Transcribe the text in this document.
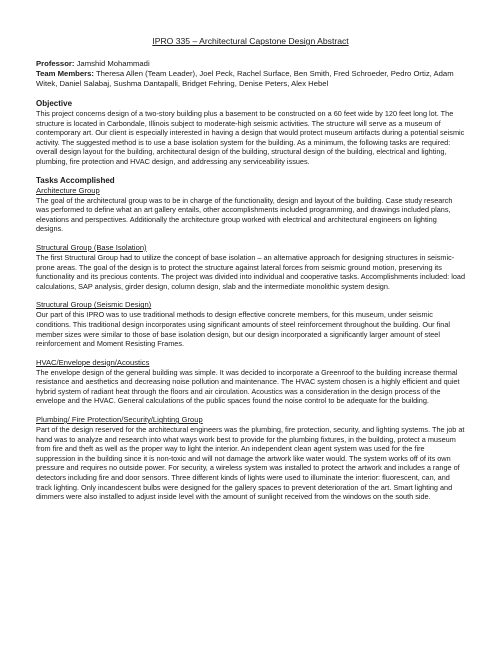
IPRO 335 – Architectural Capstone Design Abstract
Professor: Jamshid Mohammadi
Team Members: Theresa Allen (Team Leader), Joel Peck, Rachel Surface, Ben Smith, Fred Schroeder, Pedro Ortiz, Adam Witek, Daniel Salabaj, Sushma Dantapalli, Bridget Fehring, Denise Peters, Alex Hebel
Objective

This project concerns design of a two-story building plus a basement to be constructed on a 60 feet wide by 120 feet long lot. The structure is located in Carbondale, Illinois subject to moderate-high seismic activities. The structure will serve as a museum of contemporary art. Our client is especially interested in having a design that would protect museum artifacts during a potential seismic activity. The suggested method is to use a base isolation system for the building. As a minimum, the following tasks are required: overall design layout for the building, architectural design of the building, structural design of the building, electrical and lighting, plumbing, fire protection and HVAC design, and addressing any serviceability issues.

Tasks Accomplished
Architecture Group

The goal of the architectural group was to be in charge of the functionality, design and layout of the building. Case study research was performed to define what an art gallery entails, other accomplishments included programming, and drawings included plans, elevations and perspectives. Additionally the architecture group worked with electrical and architectural engineers on lighting designs.

Structural Group (Base Isolation)

The first Structural Group had to utilize the concept of base isolation – an alternative approach for designing structures in seismic-prone areas. The goal of the design is to protect the structure against lateral forces from seismic ground motion, preserving its functionality and its precious contents. The project was divided into individual and cooperative tasks. Accomplishments included: load calculations, SAP analysis, girder design, column design, slab and the intermediate monolithic system design.

Structural Group (Seismic Design)

Our part of this IPRO was to use traditional methods to design effective concrete members, for this museum, under seismic conditions. This traditional design incorporates using significant amounts of steel reinforcement throughout the building. Our final member sizes were similar to those of base isolation design, but our design incorporated a significantly larger amount of steel reinforcement and Moment Resisting Frames.

HVAC/Envelope design/Acoustics

The envelope design of the general building was simple. It was decided to incorporate a Greenroof to the building increase thermal resistance and aesthetics and decreasing noise pollution and maintenance. The HVAC system chosen is a highly efficient and quiet hybrid system of radiant heat through the floors and air circulation. Acoustics was a consideration in the design process of the envelope and the HVAC. General calculations of the public spaces found the noise control to be adequate for the building.

Plumbing/ Fire Protection/Security/Lighting Group

Part of the design reserved for the architectural engineers was the plumbing, fire protection, security, and lighting systems. The job at hand was to analyze and research into what ways work best to provide for the plumbing fixtures, in the building, protect a museum from fire and theft as well as the proper way to light the interior. An independent clean agent system was used for the fire suppression in the building since it is non-toxic and will not damage the artwork like water would. The system works off of its own pressure and requires no outside power. For security, a wireless system was installed to protect the artwork and includes a range of detectors including fire and door sensors. Three different kinds of lights were used to illuminate the interior: fluorescent, can, and track lighting. Only incandescent bulbs were designed for the gallery spaces to prevent deterioration of the art. Smart lighting and dimmers were also installed to adjust inside level with the amount of sunlight received from the windows on the south side.
